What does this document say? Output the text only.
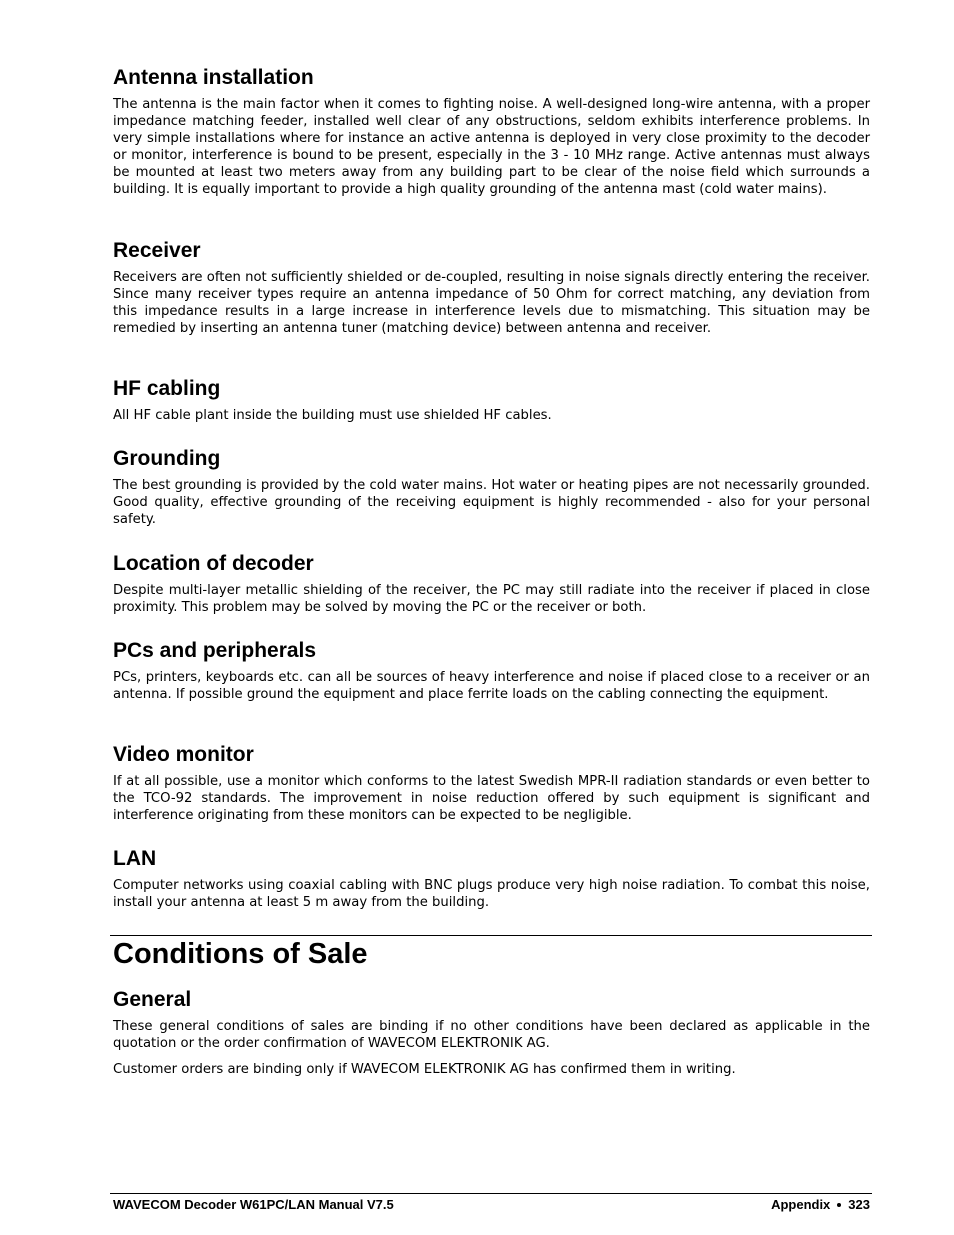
Antenna installation

The antenna is the main factor when it comes to fighting noise. A well-designed long-wire antenna, with a proper impedance matching feeder, installed well clear of any obstructions, seldom exhibits interference problems. In very simple installations where for instance an active antenna is deployed in very close proximity to the decoder or monitor, interference is bound to be present, especially in the 3 - 10 MHz range. Active antennas must always be mounted at least two meters away from any building part to be clear of the noise field which surrounds a building. It is equally important to provide a high quality grounding of the antenna mast (cold water mains).

Receiver

Receivers are often not sufficiently shielded or de-coupled, resulting in noise signals directly entering the receiver. Since many receiver types require an antenna impedance of 50 Ohm for correct matching, any deviation from this impedance results in a large increase in interference levels due to mismatching. This situation may be remedied by inserting an antenna tuner (matching device) between antenna and receiver.

HF cabling

All HF cable plant inside the building must use shielded HF cables.

Grounding

The best grounding is provided by the cold water mains. Hot water or heating pipes are not necessarily grounded. Good quality, effective grounding of the receiving equipment is highly recommended - also for your personal safety.

Location of decoder

Despite multi-layer metallic shielding of the receiver, the PC may still radiate into the receiver if placed in close proximity. This problem may be solved by moving the PC or the receiver or both.

PCs and peripherals

PCs, printers, keyboards etc. can all be sources of heavy interference and noise if placed close to a receiver or an antenna. If possible ground the equipment and place ferrite loads on the cabling connecting the equipment.

Video monitor

If at all possible, use a monitor which conforms to the latest Swedish MPR-II radiation standards or even better to the TCO-92 standards. The improvement in noise reduction offered by such equipment is significant and interference originating from these monitors can be expected to be negligible.

LAN

Computer networks using coaxial cabling with BNC plugs produce very high noise radiation. To combat this noise, install your antenna at least 5 m away from the building.

Conditions of Sale
General

These general conditions of sales are binding if no other conditions have been declared as applicable in the quotation or the order confirmation of WAVECOM ELEKTRONIK AG.

Customer orders are binding only if WAVECOM ELEKTRONIK AG has confirmed them in writing.

WAVECOM Decoder W61PC/LAN Manual V7.5	Appendix 323
